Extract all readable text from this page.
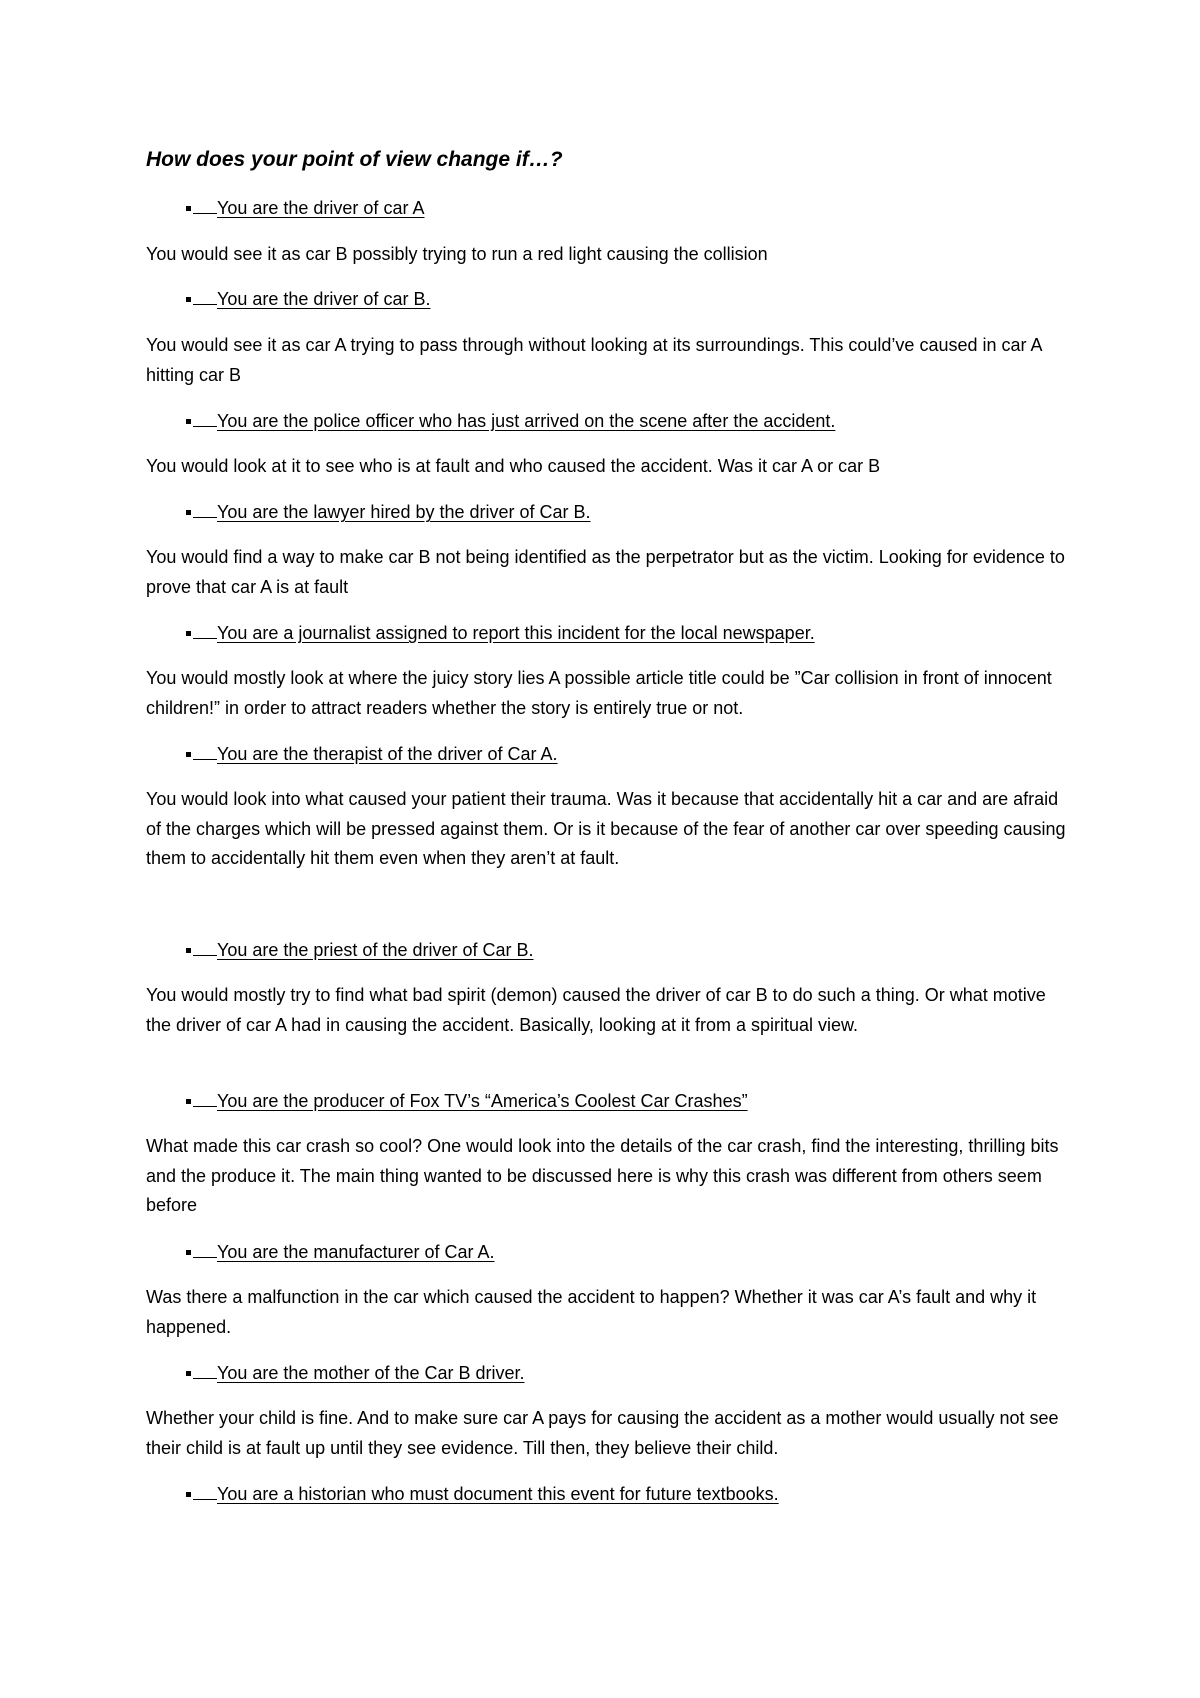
How does your point of view change if…?
You are the driver of car A
You would see it as car B possibly trying to run a red light causing the collision
You are the driver of car B.
You would see it as car A trying to pass through without looking at its surroundings. This could’ve caused in car A hitting car B
You are the police officer who has just arrived on the scene after the accident.
You would look at it to see who is at fault and who caused the accident. Was it car A or car B
You are the lawyer hired by the driver of Car B.
You would find a way to make car B not being identified as the perpetrator but as the victim. Looking for evidence to prove that car A is at fault
You are a journalist assigned to report this incident for the local newspaper.
You would mostly look at where the juicy story lies A possible article title could be ”Car collision in front of innocent children!” in order to attract readers whether the story is entirely true or not.
You are the therapist of the driver of Car A.
You would look into what caused your patient their trauma. Was it because that accidentally hit a car and are afraid of the charges which will be pressed against them. Or is it because of the fear of another car over speeding causing them to accidentally hit them even when they aren’t at fault.
You are the priest of the driver of Car B.
You would mostly try to find what bad spirit (demon) caused the driver of car B to do such a thing. Or what motive the driver of car A had in causing the accident. Basically, looking at it from a spiritual view.
You are the producer of Fox TV’s “America’s Coolest Car Crashes”
What made this car crash so cool? One would look into the details of the car crash, find the interesting, thrilling bits and the produce it. The main thing wanted to be discussed here is why this crash was different from others seem before
You are the manufacturer of Car A.
Was there a malfunction in the car which caused the accident to happen? Whether it was car A’s fault and why it happened.
You are the mother of the Car B driver.
Whether your child is fine. And to make sure car A pays for causing the accident as a mother would usually not see their child is at fault up until they see evidence. Till then, they believe their child.
You are a historian who must document this event for future textbooks.
